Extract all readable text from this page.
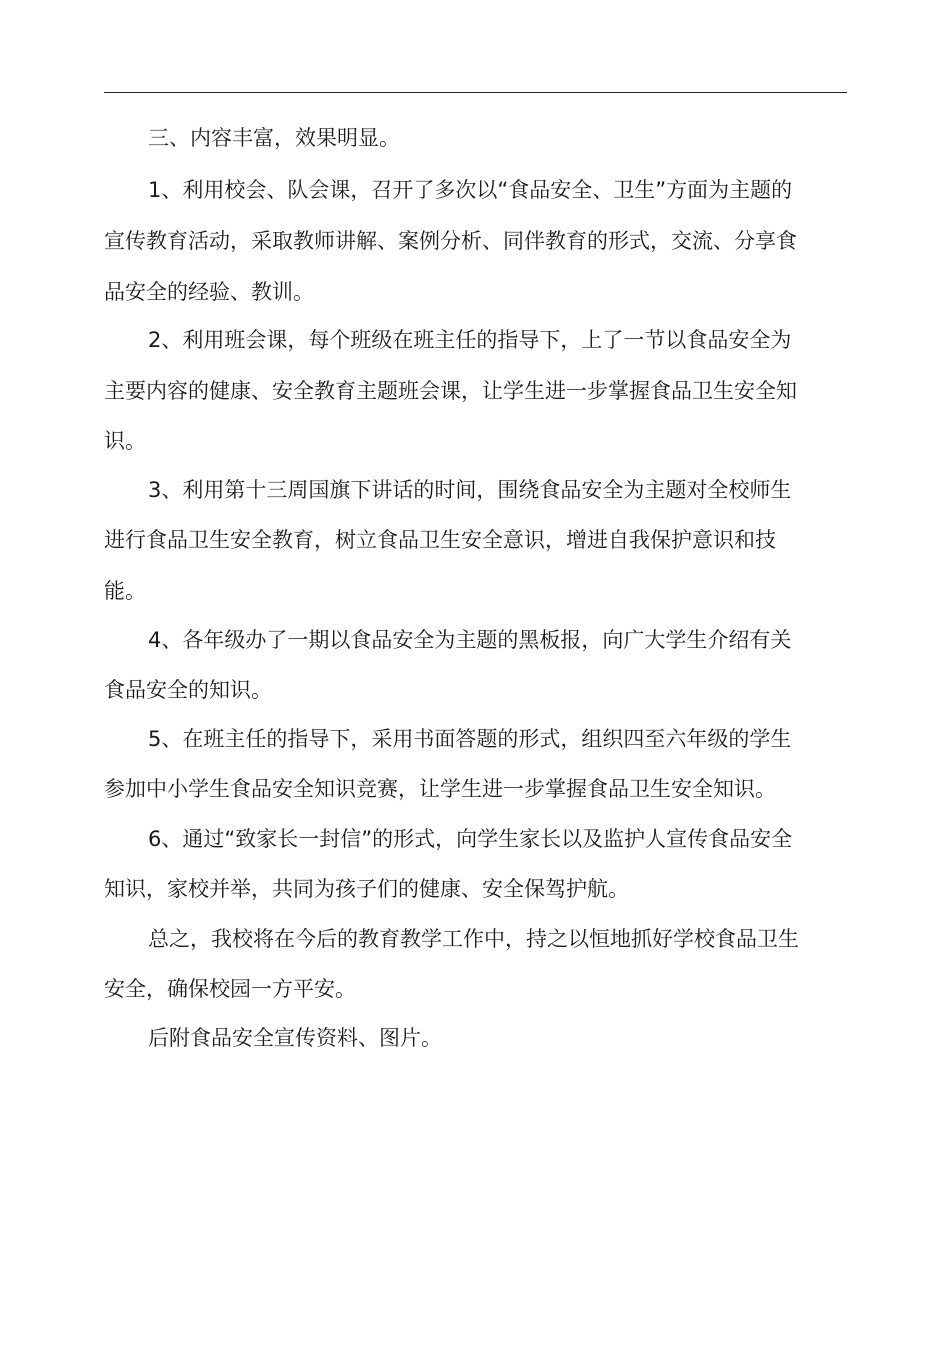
三、内容丰富，效果明显。
1、利用校会、队会课，召开了多次以“食品安全、卫生”方面为主题的
宣传教育活动，采取教师讲解、案例分析、同伴教育的形式，交流、分享食
品安全的经验、教训。
2、利用班会课，每个班级在班主任的指导下，上了一节以食品安全为
主要内容的健康、安全教育主题班会课，让学生进一步掌握食品卫生安全知
识。
3、利用第十三周国旗下讲话的时间，围绕食品安全为主题对全校师生
进行食品卫生安全教育，树立食品卫生安全意识，增进自我保护意识和技
能。
4、各年级办了一期以食品安全为主题的黑板报，向广大学生介绍有关
食品安全的知识。
5、在班主任的指导下，采用书面答题的形式，组织四至六年级的学生
参加中小学生食品安全知识竞赛，让学生进一步掌握食品卫生安全知识。
6、通过“致家长一封信”的形式，向学生家长以及监护人宣传食品安全
知识，家校并举，共同为孩子们的健康、安全保驾护航。
总之，我校将在今后的教育教学工作中，持之以恒地抓好学校食品卫生
安全，确保校园一方平安。
后附食品安全宣传资料、图片。
